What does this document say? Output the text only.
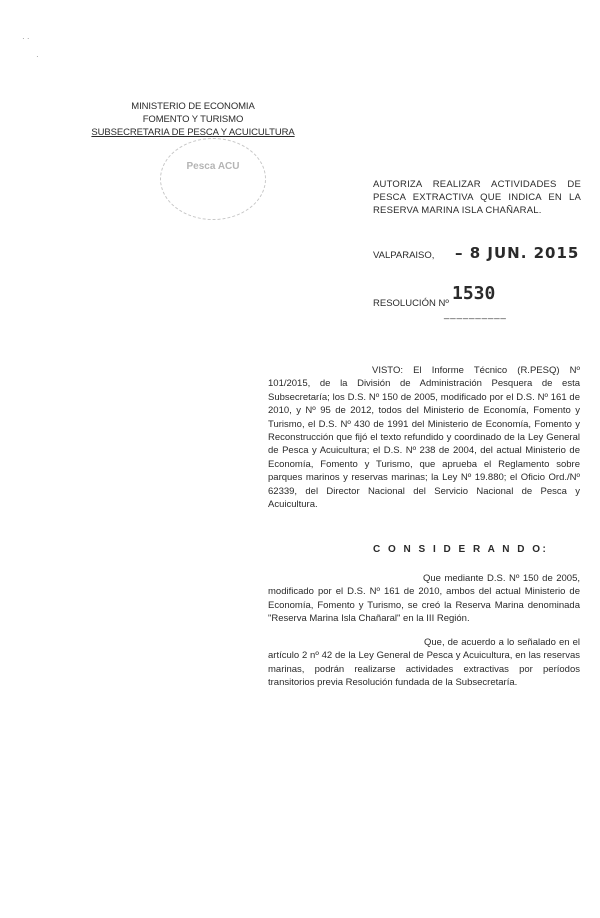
· ·
·
MINISTERIO DE ECONOMIA
FOMENTO Y TURISMO
SUBSECRETARIA DE PESCA Y ACUICULTURA
Pesca ACU
AUTORIZA REALIZAR ACTIVIDADES DE PESCA EXTRACTIVA QUE INDICA EN LA RESERVA MARINA ISLA CHAÑARAL.
VALPARAISO, – 8 JUN. 2015
RESOLUCIÓN Nº 1530
__________
VISTO: El Informe Técnico (R.PESQ) Nº 101/2015, de la División de Administración Pesquera de esta Subsecretaría; los D.S. Nº 150 de 2005, modificado por el D.S. Nº 161 de 2010, y Nº 95 de 2012, todos del Ministerio de Economía, Fomento y Turismo, el D.S. Nº 430 de 1991 del Ministerio de Economía, Fomento y Reconstrucción que fijó el texto refundido y coordinado de la Ley General de Pesca y Acuicultura; el D.S. Nº 238 de 2004, del actual Ministerio de Economía, Fomento y Turismo, que aprueba el Reglamento sobre parques marinos y reservas marinas; la Ley Nº 19.880; el Oficio Ord./Nº 62339, del Director Nacional del Servicio Nacional de Pesca y Acuicultura.
C O N S I D E R A N D O:
Que mediante D.S. Nº 150 de 2005, modificado por el D.S. Nº 161 de 2010, ambos del actual Ministerio de Economía, Fomento y Turismo, se creó la Reserva Marina denominada "Reserva Marina Isla Chañaral" en la III Región.
Que, de acuerdo a lo señalado en el artículo 2 nº 42 de la Ley General de Pesca y Acuicultura, en las reservas marinas, podrán realizarse actividades extractivas por períodos transitorios previa Resolución fundada de la Subsecretaría.
